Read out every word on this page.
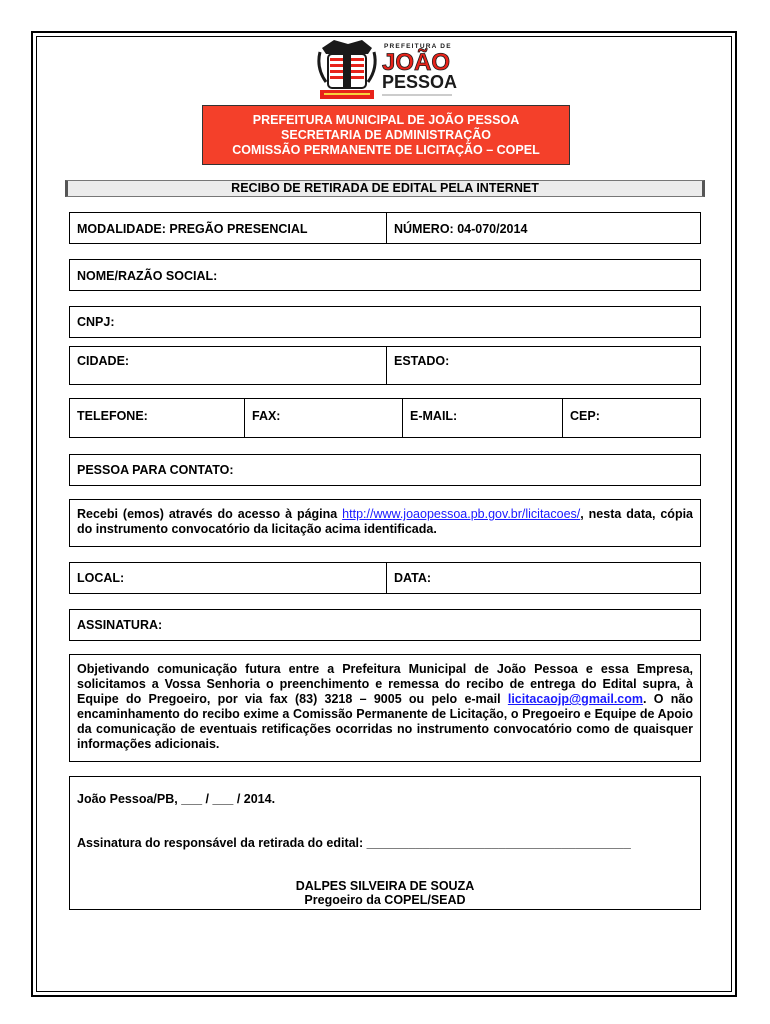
PREFEITURA DE
JOÃO
PESSOA
PREFEITURA MUNICIPAL DE JOÃO PESSOA
SECRETARIA DE ADMINISTRAÇÃO
COMISSÃO PERMANENTE DE LICITAÇÃO – COPEL
RECIBO DE RETIRADA DE EDITAL PELA INTERNET
MODALIDADE: PREGÃO PRESENCIAL	NÚMERO: 04-070/2014
NOME/RAZÃO SOCIAL:
CNPJ:
CIDADE:	ESTADO:
TELEFONE:	FAX:	E-MAIL:	CEP:
PESSOA PARA CONTATO:
Recebi (emos) através do acesso à página http://www.joaopessoa.pb.gov.br/licitacoes/, nesta data, cópia do instrumento convocatório da licitação acima identificada.
LOCAL:	DATA:
ASSINATURA:
Objetivando comunicação futura entre a Prefeitura Municipal de João Pessoa e essa Empresa, solicitamos a Vossa Senhoria o preenchimento e remessa do recibo de entrega do Edital supra, à Equipe do Pregoeiro, por via fax (83) 3218 – 9005 ou pelo e-mail licitacaojp@gmail.com. O não encaminhamento do recibo exime a Comissão Permanente de Licitação, o Pregoeiro e Equipe de Apoio da comunicação de eventuais retificações ocorridas no instrumento convocatório como de quaisquer informações adicionais.
João Pessoa/PB, ___ / ___ / 2014.
Assinatura do responsável da retirada do edital: ______________________________________
DALPES SILVEIRA DE SOUZA
Pregoeiro da COPEL/SEAD
